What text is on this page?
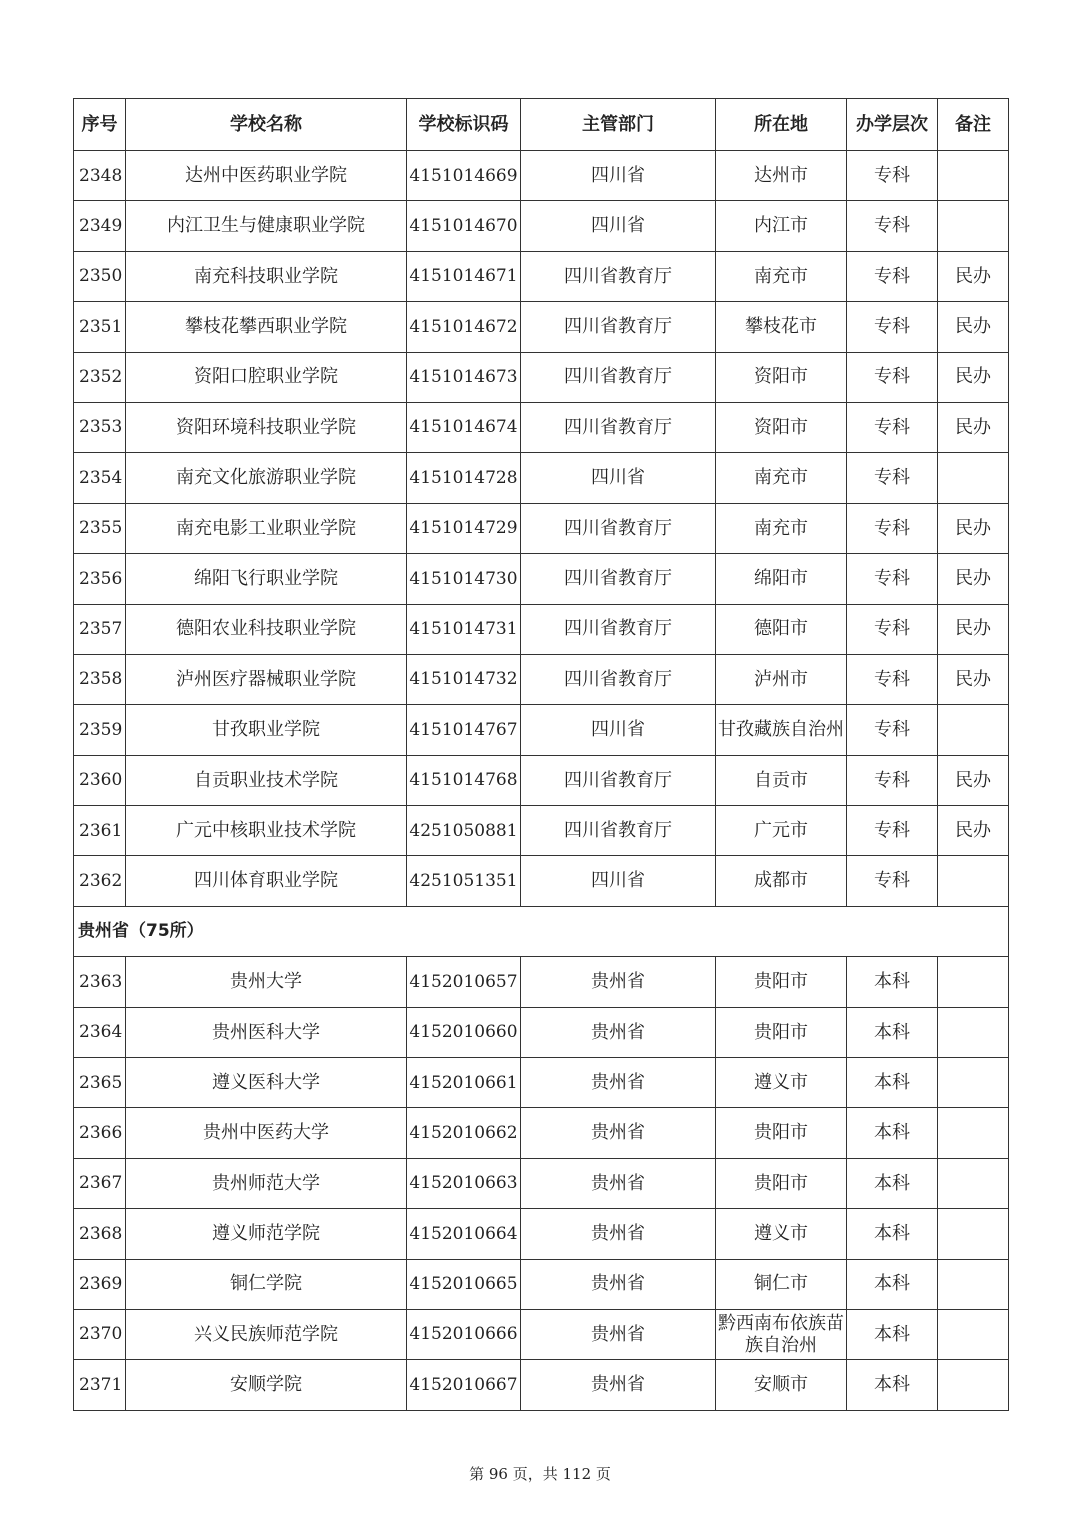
序号	学校名称	学校标识码	主管部门	所在地	办学层次	备注
2348	达州中医药职业学院	4151014669	四川省	达州市	专科	
2349	内江卫生与健康职业学院	4151014670	四川省	内江市	专科	
2350	南充科技职业学院	4151014671	四川省教育厅	南充市	专科	民办
2351	攀枝花攀西职业学院	4151014672	四川省教育厅	攀枝花市	专科	民办
2352	资阳口腔职业学院	4151014673	四川省教育厅	资阳市	专科	民办
2353	资阳环境科技职业学院	4151014674	四川省教育厅	资阳市	专科	民办
2354	南充文化旅游职业学院	4151014728	四川省	南充市	专科	
2355	南充电影工业职业学院	4151014729	四川省教育厅	南充市	专科	民办
2356	绵阳飞行职业学院	4151014730	四川省教育厅	绵阳市	专科	民办
2357	德阳农业科技职业学院	4151014731	四川省教育厅	德阳市	专科	民办
2358	泸州医疗器械职业学院	4151014732	四川省教育厅	泸州市	专科	民办
2359	甘孜职业学院	4151014767	四川省	甘孜藏族自治州	专科	
2360	自贡职业技术学院	4151014768	四川省教育厅	自贡市	专科	民办
2361	广元中核职业技术学院	4251050881	四川省教育厅	广元市	专科	民办
2362	四川体育职业学院	4251051351	四川省	成都市	专科	
贵州省（75所）						
2363	贵州大学	4152010657	贵州省	贵阳市	本科	
2364	贵州医科大学	4152010660	贵州省	贵阳市	本科	
2365	遵义医科大学	4152010661	贵州省	遵义市	本科	
2366	贵州中医药大学	4152010662	贵州省	贵阳市	本科	
2367	贵州师范大学	4152010663	贵州省	贵阳市	本科	
2368	遵义师范学院	4152010664	贵州省	遵义市	本科	
2369	铜仁学院	4152010665	贵州省	铜仁市	本科	
2370	兴义民族师范学院	4152010666	贵州省	黔西南布依族苗族自治州	本科	
2371	安顺学院	4152010667	贵州省	安顺市	本科	
第 96 页，共 112 页
